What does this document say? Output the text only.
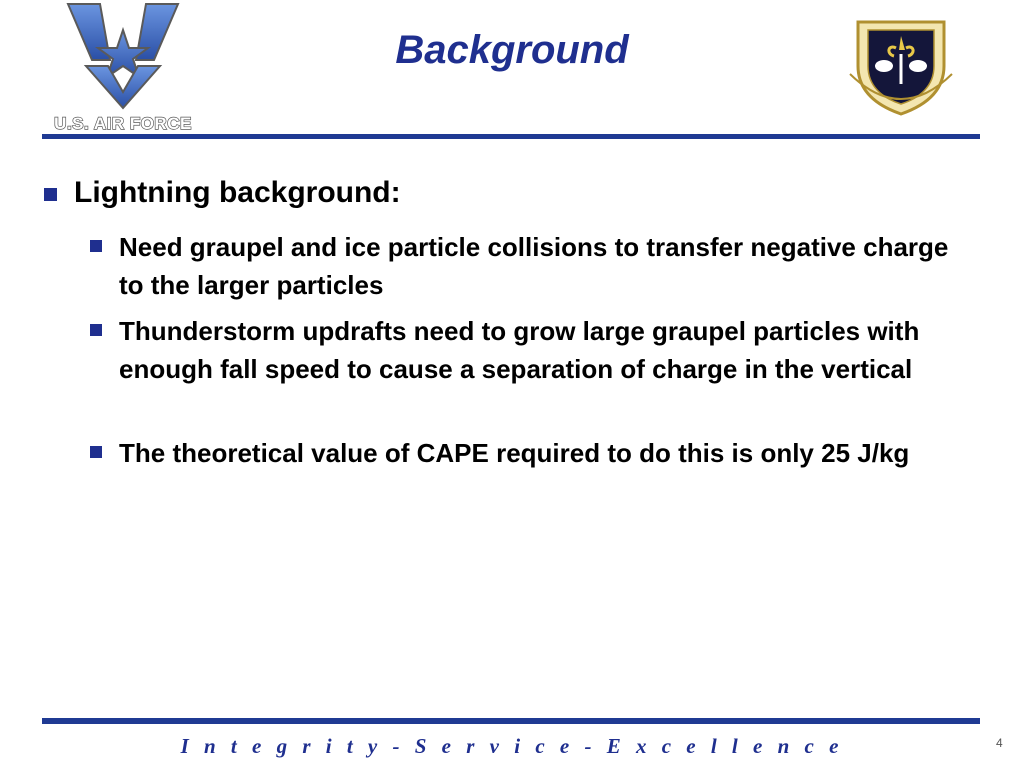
U.S. AIR FORCE
Background
Lightning background:
Need graupel and ice particle collisions to transfer negative charge to the larger particles
Thunderstorm updrafts need to grow large graupel particles with enough fall speed to cause a separation of charge in the vertical
The theoretical value of CAPE required to do this is only 25 J/kg
I n t e g r i t y - S e r v i c e - E x c e l l e n c e	4
